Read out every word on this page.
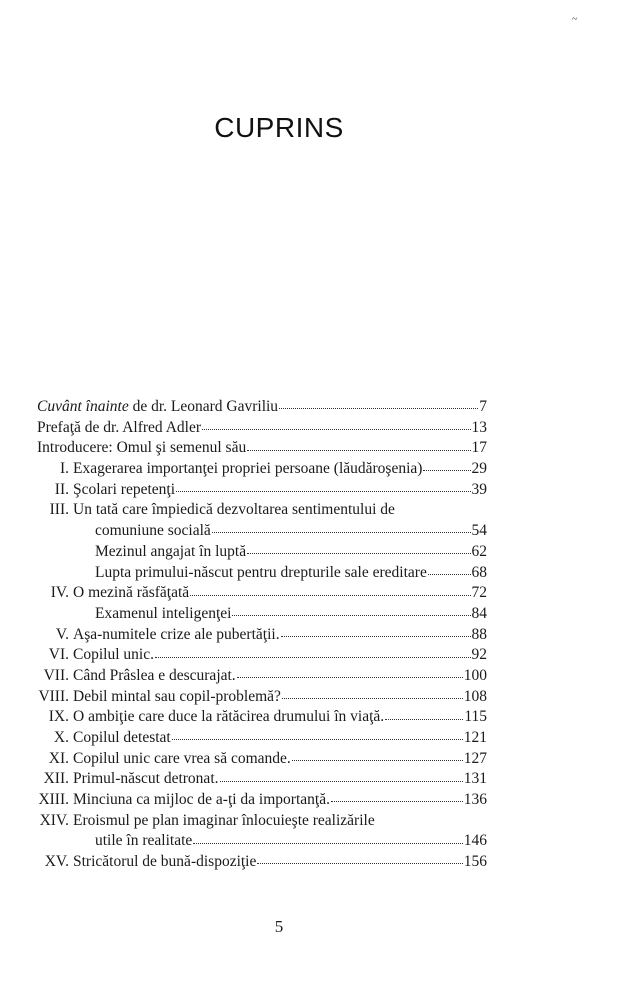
~
CUPRINS
Cuvânt înainte de dr. Leonard Gavriliu	7
Prefaţă de dr. Alfred Adler	13
Introducere: Omul şi semenul său	17
I. Exagerarea importanţei propriei persoane (lăudăroşenia)	29
II. Şcolari repetenţi	39
III. Un tată care împiedică dezvoltarea sentimentului de
comuniune socială	54
Mezinul angajat în luptă	62
Lupta primului-născut pentru drepturile sale ereditare	68
IV. O mezină răsfăţată	72
Examenul inteligenţei	84
V. Aşa-numitele crize ale pubertăţii.	88
VI. Copilul unic.	92
VII. Când Prâslea e descurajat.	100
VIII. Debil mintal sau copil-problemă?	108
IX. O ambiţie care duce la rătăcirea drumului în viaţă.	115
X. Copilul detestat	121
XI. Copilul unic care vrea să comande.	127
XII. Primul-născut detronat.	131
XIII. Minciuna ca mijloc de a-ţi da importanţă.	136
XIV. Eroismul pe plan imaginar înlocuieşte realizările
utile în realitate	146
XV. Stricătorul de bună-dispoziţie	156
5
